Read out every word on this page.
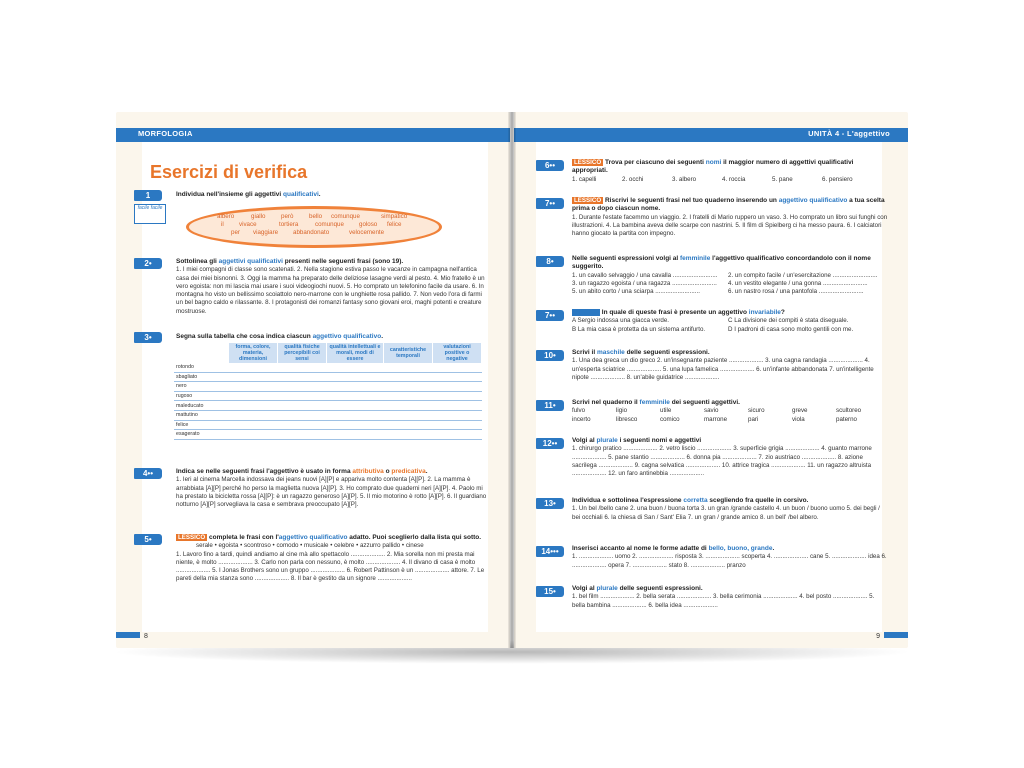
MORFOLOGIA
Esercizi di verifica
1
facile facile
Individua nell'insieme gli aggettivi qualificativi.
albero	giallo	però	bello comunque	simpatico
il vivace	tortiera	comunque goloso felice
per viaggiare abbandonato	velocemente
2•	Sottolinea gli aggettivi qualificativi presenti nelle seguenti frasi (sono 19).
1. I miei compagni di classe sono scatenati. 2. Nella stagione estiva passo le vacanze in campagna nell'antica casa dei miei bisnonni. 3. Oggi la mamma ha preparato delle deliziose lasagne verdi al pesto. 4. Mio fratello è un vero egoista: non mi lascia mai usare i suoi videogiochi nuovi. 5. Ho comprato un telefonino facile da usare. 6. In montagna ho visto un bellissimo scoiattolo nero-marrone con le unghiette rosa pallido. 7. Non vedo l'ora di farmi un bel bagno caldo e rilassante. 8. I protagonisti dei romanzi fantasy sono giovani eroi, maghi potenti e creature mostruose.
3•	Segna sulla tabella che cosa indica ciascun aggettivo qualificativo.
	forma, colore, materia, dimensioni	qualità fisiche percepibili coi sensi	qualità intellettuali e morali, modi di essere	caratteristiche temporali	valutazioni positive o negative
rotondo					
sbagliato					
nero					
rugoso					
maleducato					
mattutino					
felice					
esagerato					
4••	Indica se nelle seguenti frasi l'aggettivo è usato in forma attributiva o predicativa.
1. Ieri al cinema Marcella indossava dei jeans nuovi [A][P] e appariva molto contenta [A][P]. 2. La mamma è arrabbiata [A][P] perché ho perso la maglietta nuova [A][P]. 3. Ho comprato due quaderni neri [A][P]. 4. Paolo mi ha prestato la bicicletta rossa [A][P]: è un ragazzo generoso [A][P]. 5. Il mio motorino è rotto [A][P]. 6. Il guardiano notturno [A][P] sorvegliava la casa e sembrava preoccupato [A][P].
5•	LESSICO completa le frasi con l'aggettivo qualificativo adatto. Puoi sceglierlo dalla lista qui sotto.
serale • egoista • scontroso • comodo • musicale • celebre • azzurro pallido • cinese
1. Lavoro fino a tardi, quindi andiamo al cine mà allo spettacolo .................... 2. Mia sorella non mi presta mai niente, è molto .................... 3. Carlo non parla con nessuno, è molto .................... 4. Il divano di casa è molto .................... 5. I Jonas Brothers sono un gruppo .................... 6. Robert Pattinson è un .................... attore. 7. Le pareti della mia stanza sono .................... 8. Il bar è gestito da un signore ....................
8
UNITÀ 4 - L'aggettivo
6••	LESSICO Trova per ciascuno dei seguenti nomi il maggior numero di aggettivi qualificativi appropriati.
1. capelli	2. occhi	3. albero	4. roccia	5. pane	6. pensiero
7••	LESSICO Riscrivi le seguenti frasi nel tuo quaderno inserendo un aggettivo qualificativo a tua scelta prima o dopo ciascun nome.
1. Durante l'estate facemmo un viaggio. 2. I fratelli di Mario ruppero un vaso. 3. Ho comprato un libro sui funghi con illustrazioni. 4. La bambina aveva delle scarpe con nastrini. 5. Il film di Spielberg ci ha messo paura. 6. I calciatori hanno giocato la partita con impegno.
8•	Nelle seguenti espressioni volgi al femminile l'aggettivo qualificativo concordandolo con il nome suggerito.
1. un cavallo selvaggio / una cavalla .......................... 2. un compito facile / un'esercitazione ..........................
3. un ragazzo egoista / una ragazza .......................... 4. un vestito elegante / una gonna ..........................
5. un abito corto / una sciarpa ..........................	6. un nastro rosa / una pantofola ..........................
7••	INVALSI In quale di queste frasi è presente un aggettivo invariabile?
A Sergio indossa una giacca verde.	C La divisione dei compiti è stata diseguale.
B La mia casa è protetta da un sistema antifurto.	D I padroni di casa sono molto gentili con me.
10•	Scrivi il maschile delle seguenti espressioni.
1. Una dea greca un dio greco 2. un'insegnante paziente .................... 3. una cagna randagia .................... 4. un'esperta sciatrice .................... 5. una lupa famelica .................... 6. un'infante abbandonata 7. un'intelligente nipote .................... 8. un'abile guidatrice ....................
11•	Scrivi nel quaderno il femminile dei seguenti aggettivi.
fulvo	ligio	utile	savio	sicuro	greve	scultoreo
incerto	libresco	comico	marrone	pari	viola	paterno
12••	Volgi al plurale i seguenti nomi e aggettivi
1. chirurgo pratico .................... 2. vetro liscio .................... 3. superficie grigia .................... 4. guanto marrone .................... 5. pane stantio .................... 6. donna pia .................... 7. zio austriaco .................... 8. azione sacrilega .................... 9. cagna selvatica .................... 10. attrice tragica .................... 11. un ragazzo altruista .................... 12. un faro antinebbia ....................
13•	Individua e sottolinea l'espressione corretta scegliendo fra quelle in corsivo.
1. Un bel /bello cane 2. una buon / buona torta 3. un gran /grande castello 4. un buon / buono uomo 5. dei begli / bei occhiali 6. la chiesa di San / Sant' Elia 7. un gran / grande amico 8. un bell' /bel albero.
14•••	Inserisci accanto al nome le forme adatte di bello, buono, grande.
1. .................... uomo 2. .................... risposta 3. .................... scoperta 4. .................... cane 5. .................... idea 6. .................... opera 7. .................... stato 8. .................... pranzo
15•	Volgi al plurale delle seguenti espressioni.
1. bel film .................... 2. bella serata .................... 3. bella cerimonia .................... 4. bel posto .................... 5. bella bambina .................... 6. bella idea ....................
9
